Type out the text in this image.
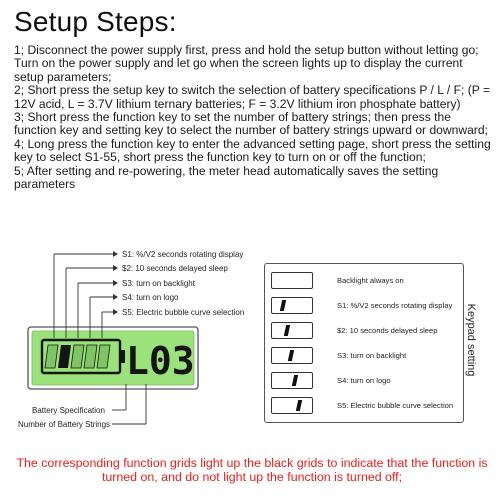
Setup Steps:

1; Disconnect the power supply first, press and hold the setup button without letting go; Turn on the power supply and let go when the screen lights up to display the current setup parameters;

2; Short press the setup key to switch the selection of battery specifications P / L / F; (P = 12V acid, L = 3.7V lithium ternary batteries; F = 3.2V lithium iron phosphate battery)

3; Short press the function key to set the number of battery strings; then press the function key and setting key to select the number of battery strings upward or downward;

4; Long press the function key to enter the advanced setting page, short press the setting key to select S1-55, short press the function key to turn on or off the function;

5; After setting and re-powering, the meter head automatically saves the setting parameters

L03
S1: %/V2 seconds rotating display
$2: 10 seconds delayed sleep
S3: turn on backlight
S4: turn on logo
S5: Electric bubble curve selection
Battery Specification
Number of Battery Strings
Backlight always on
S1: %/V2 seconds rotating display
$2: 10 seconds delayed sleep
S3: turn on backlight
S4: turn on logo
S5: Electric bubble curve selection
Keypad setting
The corresponding function grids light up the black grids to indicate that the function is turned on, and do not light up the function is turned off;
